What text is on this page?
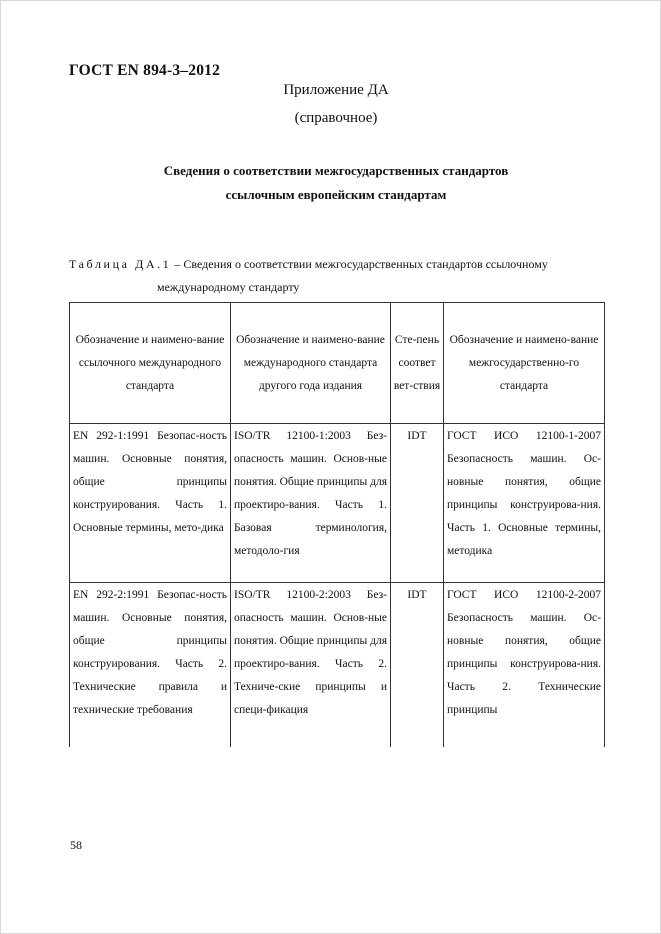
ГОСТ EN 894-3–2012
Приложение ДА
(справочное)
Сведения о соответствии межгосударственных стандартов
ссылочным европейским стандартам
Таблица ДА.1 – Сведения о соответствии межгосударственных стандартов ссылочному
международному стандарту
Обозначение и наимено-вание ссылочного международного стандарта	Обозначение и наимено-вание международного стандарта другого года издания	Сте-пень соответ вет-ствия	Обозначение и наимено-вание межгосударственно-го стандарта

EN 292-1:1991 Безопас-ность машин. Основные понятия, общие принципы конструирования. Часть 1. Основные термины, мето-дика	ISO/TR 12100-1:2003 Без-опасность машин. Основ-ные понятия. Общие принципы для проектиро-вания. Часть 1. Базовая терминология, методоло-гия	IDT	ГОСТ ИСО 12100-1-2007 Безопасность машин. Ос-новные понятия, общие принципы конструирова-ния. Часть 1. Основные термины, методика

EN 292-2:1991 Безопас-ность машин. Основные понятия, общие принципы конструирования. Часть 2. Технические правила и технические требования	ISO/TR 12100-2:2003 Без-опасность машин. Основ-ные понятия. Общие принципы для проектиро-вания. Часть 2. Техниче-ские принципы и специ-фикация	IDT	ГОСТ ИСО 12100-2-2007 Безопасность машин. Ос-новные понятия, общие принципы конструирова-ния. Часть 2. Технические принципы
58
